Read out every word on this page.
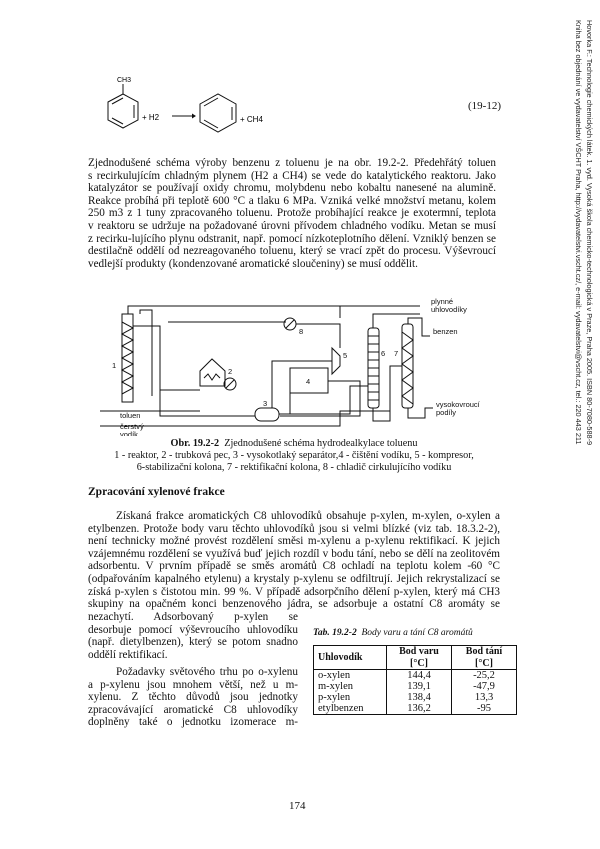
Hovorka F.: Technologie chemických látek. 1. vyd. Vysoká škola chemicko-technologická v Praze, Praha 2005. ISBN 80-7080-588-9
Kniha bez objednání ve vydavatelství VŠCHT Praha, http://vydavatelstvi.vscht.cz/, e-mail: vydavatelstvi@vscht.cz, tel.: 220 443 211
CH3
+ H2	+ CH4
(19-12)
Zjednodušené schéma výroby benzenu z toluenu je na obr. 19.2-2. Předehřátý toluen
s recirkulujícím chladným plynem (H2 a CH4) se vede do katalytického reaktoru. Jako
katalyzátor se používají oxidy chromu, molybdenu nebo kobaltu nanesené na alumině.
Reakce probíhá při teplotě 600 °C a tlaku 6 MPa. Vzniká velké množství metanu, kolem
250 m3 z 1 tuny zpracovaného toluenu. Protože probíhající reakce je exotermní, teplota
v reaktoru se udržuje na požadované úrovni přívodem chladného vodíku. Metan se musí
z recirku-lujícího plynu odstranit, např. pomocí nízkoteplotního dělení. Vzniklý benzen se
destilačně oddělí od nezreagovaného toluenu, který se vrací zpět do procesu. Výševroucí
vedlejší produkty (kondenzované aromatické sloučeniny) se musí oddělit.
1
2
3
4
5	6 7
8
plynné
uhlovodíky
benzen
vysokovroucí
podíly
toluen
čerstvý
vodík
Obr. 19.2-2 Zjednodušené schéma hydrodealkylace toluenu
1 - reaktor, 2 - trubková pec, 3 - vysokotlaký separátor,4 - čištění vodíku, 5 - kompresor,
6-stabilizační kolona, 7 - rektifikační kolona, 8 - chladič cirkulujícího vodíku
Zpracování xylenové frakce
Získaná frakce aromatických C8 uhlovodíků obsahuje p-xylen, m-xylen, o-xylen a
etylbenzen. Protože body varu těchto uhlovodíků jsou si velmi blízké (viz tab. 18.3.2-2),
není technicky možné provést rozdělení směsi m-xylenu a p-xylenu rektifikací. K jejich
vzájemnému rozdělení se využívá buď jejich rozdíl v bodu tání, nebo se dělí na zeolitovém
adsorbentu. V prvním případě se směs aromátů C8 ochladí na teplotu kolem -60 °C
(odpařováním kapalného etylenu) a krystaly p-xylenu se odfiltrují. Jejich rekrystalizací se
získá p-xylen s čistotou min. 99 %. V případě adsorpčního dělení p-xylen, který má CH3
skupiny na opačném konci benzenového jádra, se adsorbuje a ostatní C8 aromáty se
nezachytí. Adsorbovaný p-xylen se
desorbuje pomocí výševroucího uhlovodíku
(např. dietylbenzen), který se potom snadno
oddělí rektifikací.
Požadavky světového trhu po o-xylenu
a p-xylenu jsou mnohem větší, než u m-
xylenu. Z těchto důvodů jsou jednotky
zpracovávající aromatické C8 uhlovodíky
doplněny také o jednotku izomerace m-
Tab. 19.2-2 Body varu a tání C8 aromátů
Uhlovodík	Bod varu [°C]	Bod tání [°C]
o-xylen	144,4	-25,2
m-xylen	139,1	-47,9
p-xylen	138,4	13,3
etylbenzen	136,2	-95
174
